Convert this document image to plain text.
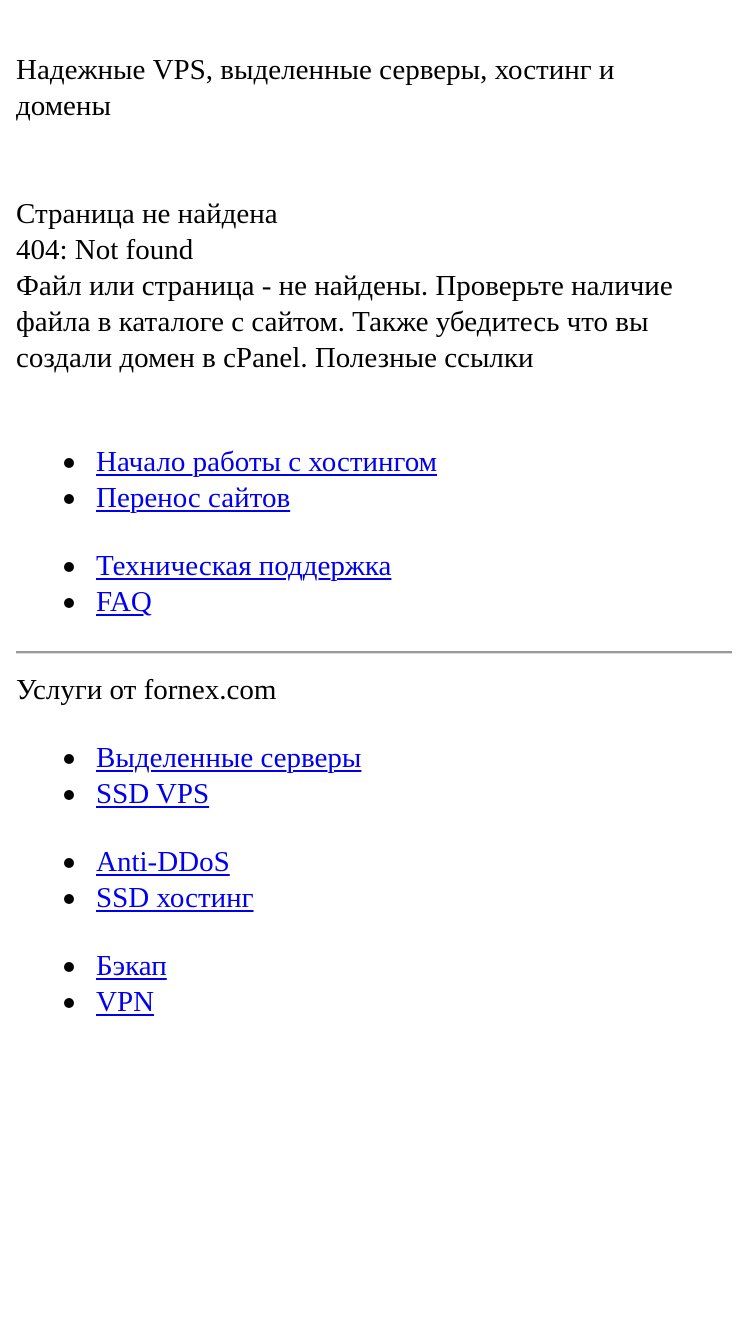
Надежные VPS, выделенные серверы, хостинг и домены
Страница не найдена
404: Not found
Файл или страница - не найдены. Проверьте наличие файла в каталоге с сайтом. Также убедитесь что вы создали домен в cPanel. Полезные ссылки
Начало работы с хостингом
Перенос сайтов
Техническая поддержка
FAQ
Услуги от fornex.com
Выделенные серверы
SSD VPS
Anti-DDoS
SSD хостинг
Бэкап
VPN
